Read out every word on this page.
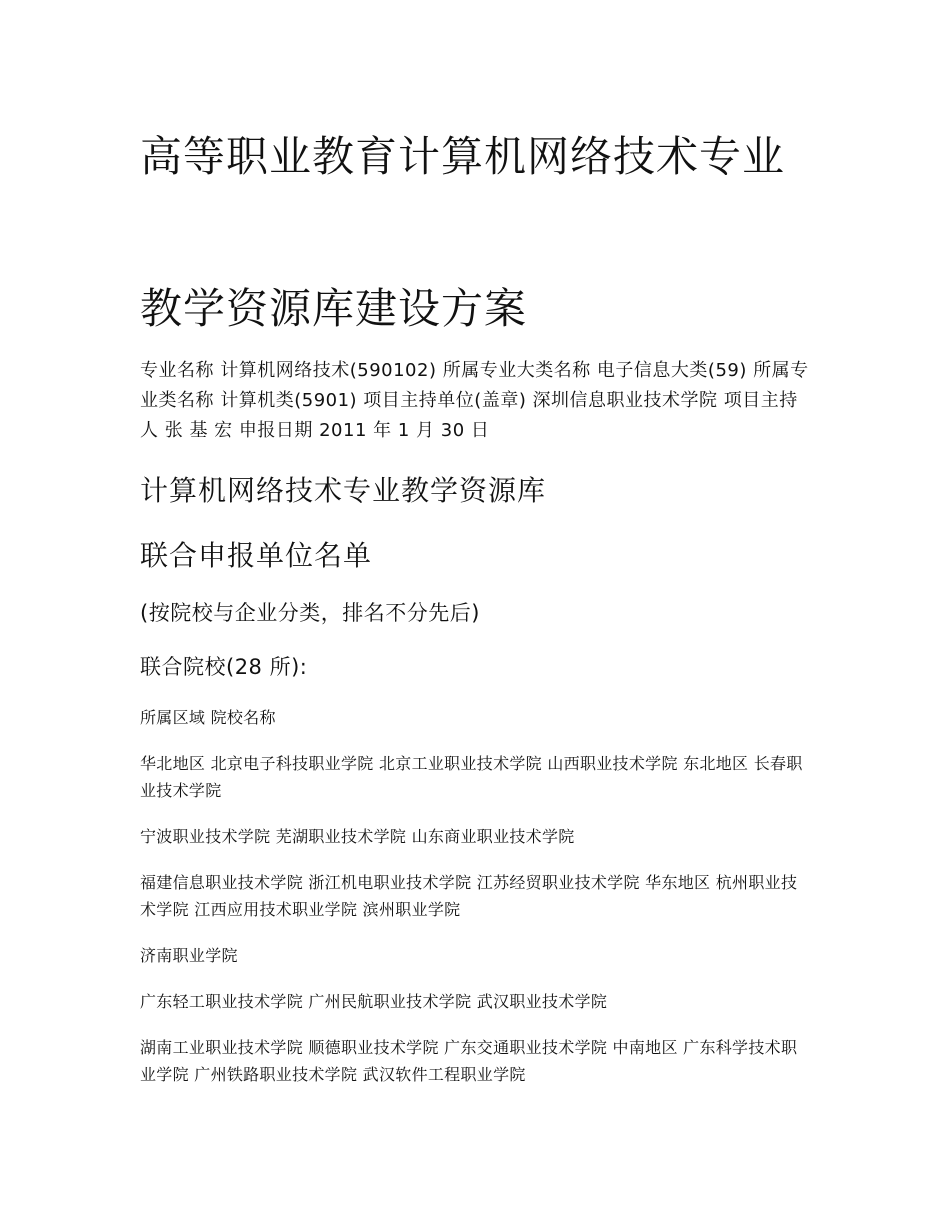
高等职业教育计算机网络技术专业
教学资源库建设方案

专业名称 计算机网络技术(590102) 所属专业大类名称 电子信息大类(59) 所属专业类名称 计算机类(5901) 项目主持单位(盖章) 深圳信息职业技术学院 项目主持人 张 基 宏 申报日期 2011 年 1 月 30 日

计算机网络技术专业教学资源库
联合申报单位名单

(按院校与企业分类，排名不分先后)

联合院校(28 所):

所属区域 院校名称

华北地区 北京电子科技职业学院 北京工业职业技术学院 山西职业技术学院 东北地区 长春职业技术学院

宁波职业技术学院 芜湖职业技术学院 山东商业职业技术学院

福建信息职业技术学院 浙江机电职业技术学院 江苏经贸职业技术学院 华东地区 杭州职业技术学院 江西应用技术职业学院 滨州职业学院

济南职业学院

广东轻工职业技术学院 广州民航职业技术学院 武汉职业技术学院

湖南工业职业技术学院 顺德职业技术学院 广东交通职业技术学院 中南地区 广东科学技术职业学院 广州铁路职业技术学院 武汉软件工程职业学院
